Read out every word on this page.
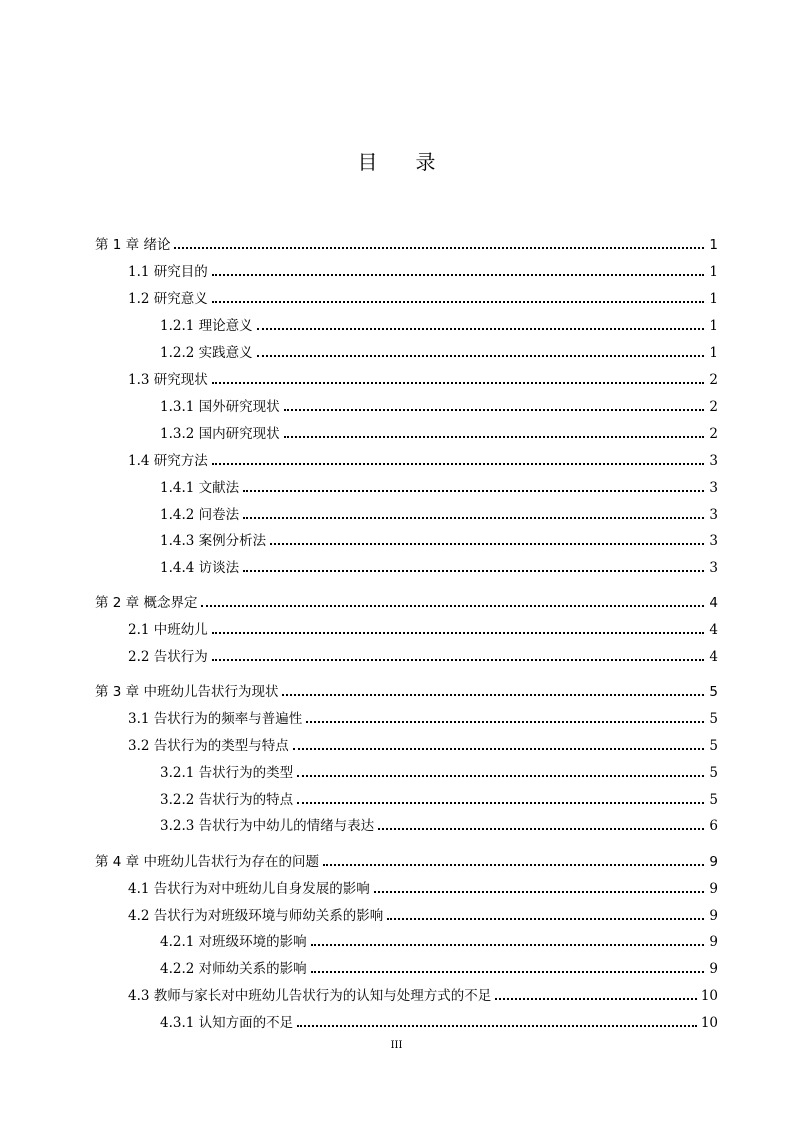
目录
第 1 章 绪论	1
1.1 研究目的	1
1.2 研究意义	1
1.2.1 理论意义	1
1.2.2 实践意义	1
1.3 研究现状	2
1.3.1 国外研究现状	2
1.3.2 国内研究现状	2
1.4 研究方法	3
1.4.1 文献法	3
1.4.2 问卷法	3
1.4.3 案例分析法	3
1.4.4 访谈法	3
第 2 章 概念界定	4
2.1 中班幼儿	4
2.2 告状行为	4
第 3 章 中班幼儿告状行为现状	5
3.1 告状行为的频率与普遍性	5
3.2 告状行为的类型与特点	5
3.2.1 告状行为的类型	5
3.2.2 告状行为的特点	5
3.2.3 告状行为中幼儿的情绪与表达	6
第 4 章 中班幼儿告状行为存在的问题	9
4.1 告状行为对中班幼儿自身发展的影响	9
4.2 告状行为对班级环境与师幼关系的影响	9
4.2.1 对班级环境的影响	9
4.2.2 对师幼关系的影响	9
4.3 教师与家长对中班幼儿告状行为的认知与处理方式的不足	10
4.3.1 认知方面的不足	10
III
